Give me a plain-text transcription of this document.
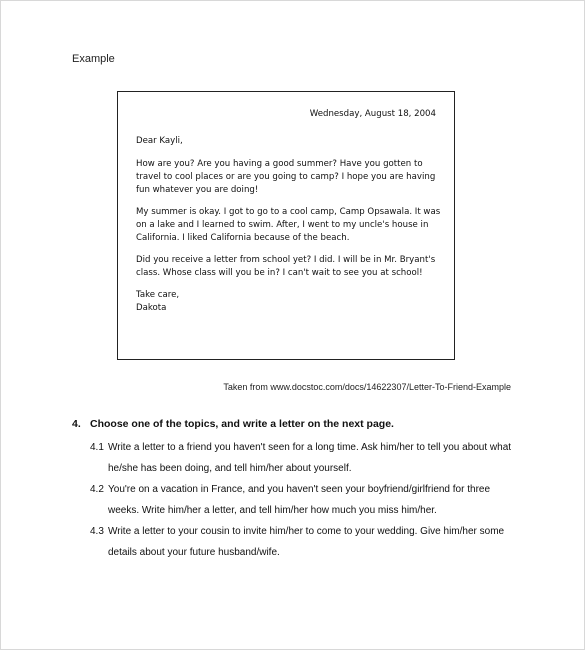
Example
Wednesday, August 18, 2004

Dear Kayli,

How are you? Are you having a good summer? Have you gotten to travel to cool places or are you going to camp? I hope you are having fun whatever you are doing!

My summer is okay. I got to go to a cool camp, Camp Opsawala. It was on a lake and I learned to swim. After, I went to my uncle's house in California. I liked California because of the beach.

Did you receive a letter from school yet? I did. I will be in Mr. Bryant's class. Whose class will you be in? I can't wait to see you at school!

Take care,
Dakota

Taken from www.docstoc.com/docs/14622307/Letter-To-Friend-Example
4. Choose one of the topics, and write a letter on the next page.
4.1 Write a letter to a friend you haven't seen for a long time. Ask him/her to tell you about what he/she has been doing, and tell him/her about yourself.
4.2 You're on a vacation in France, and you haven't seen your boyfriend/girlfriend for three weeks. Write him/her a letter, and tell him/her how much you miss him/her.
4.3 Write a letter to your cousin to invite him/her to come to your wedding. Give him/her some details about your future husband/wife.
